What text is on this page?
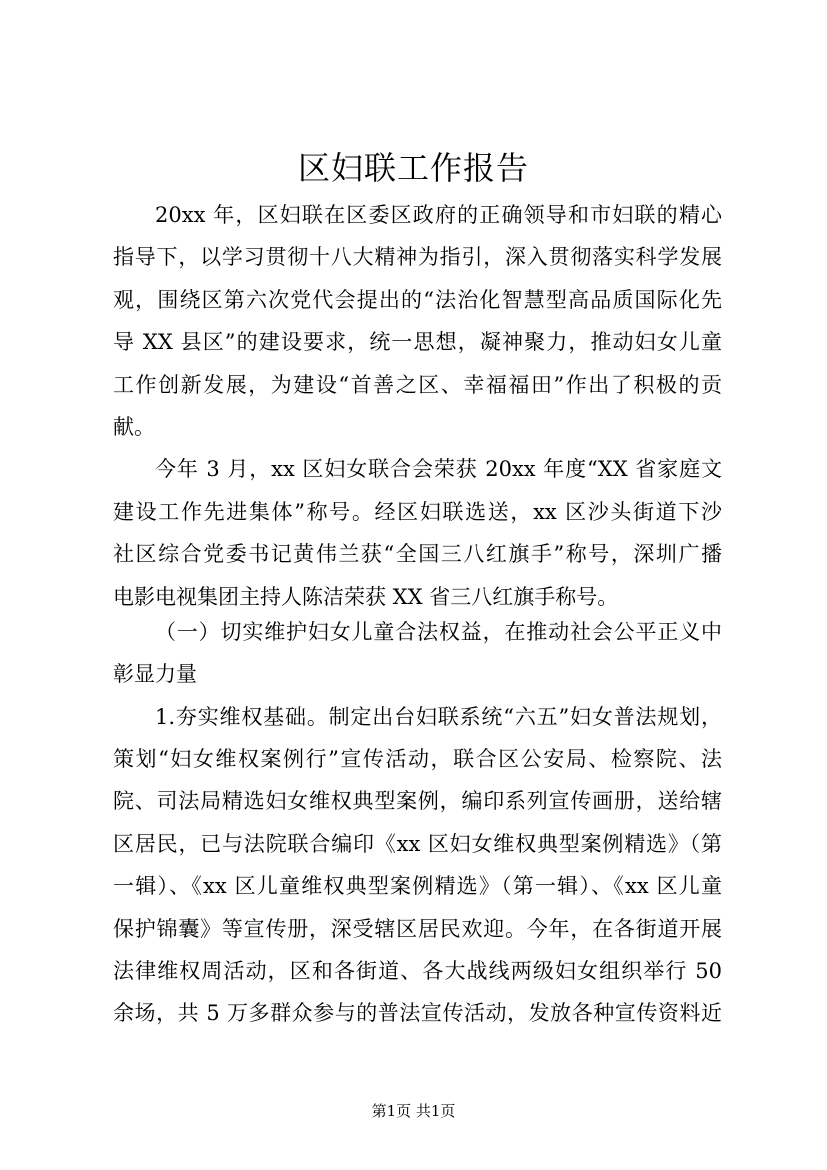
区妇联工作报告
20xx 年，区妇联在区委区政府的正确领导和市妇联的精心
指导下，以学习贯彻十八大精神为指引，深入贯彻落实科学发展
观，围绕区第六次党代会提出的“法治化智慧型高品质国际化先
导 XX 县区”的建设要求，统一思想，凝神聚力，推动妇女儿童
工作创新发展，为建设“首善之区、幸福福田”作出了积极的贡
献。
今年 3 月，xx 区妇女联合会荣获 20xx 年度“XX 省家庭文
建设工作先进集体”称号。经区妇联选送，xx 区沙头街道下沙
社区综合党委书记黄伟兰获“全国三八红旗手”称号，深圳广播
电影电视集团主持人陈洁荣获 XX 省三八红旗手称号。
（一）切实维护妇女儿童合法权益，在推动社会公平正义中
彰显力量
1.夯实维权基础。制定出台妇联系统“六五”妇女普法规划，
策划“妇女维权案例行”宣传活动，联合区公安局、检察院、法
院、司法局精选妇女维权典型案例，编印系列宣传画册，送给辖
区居民，已与法院联合编印《xx 区妇女维权典型案例精选》（第
一辑）、《xx 区儿童维权典型案例精选》（第一辑）、《xx 区儿童
保护锦囊》等宣传册，深受辖区居民欢迎。今年，在各街道开展
法律维权周活动，区和各街道、各大战线两级妇女组织举行 50
余场，共 5 万多群众参与的普法宣传活动，发放各种宣传资料近
第1页 共1页
